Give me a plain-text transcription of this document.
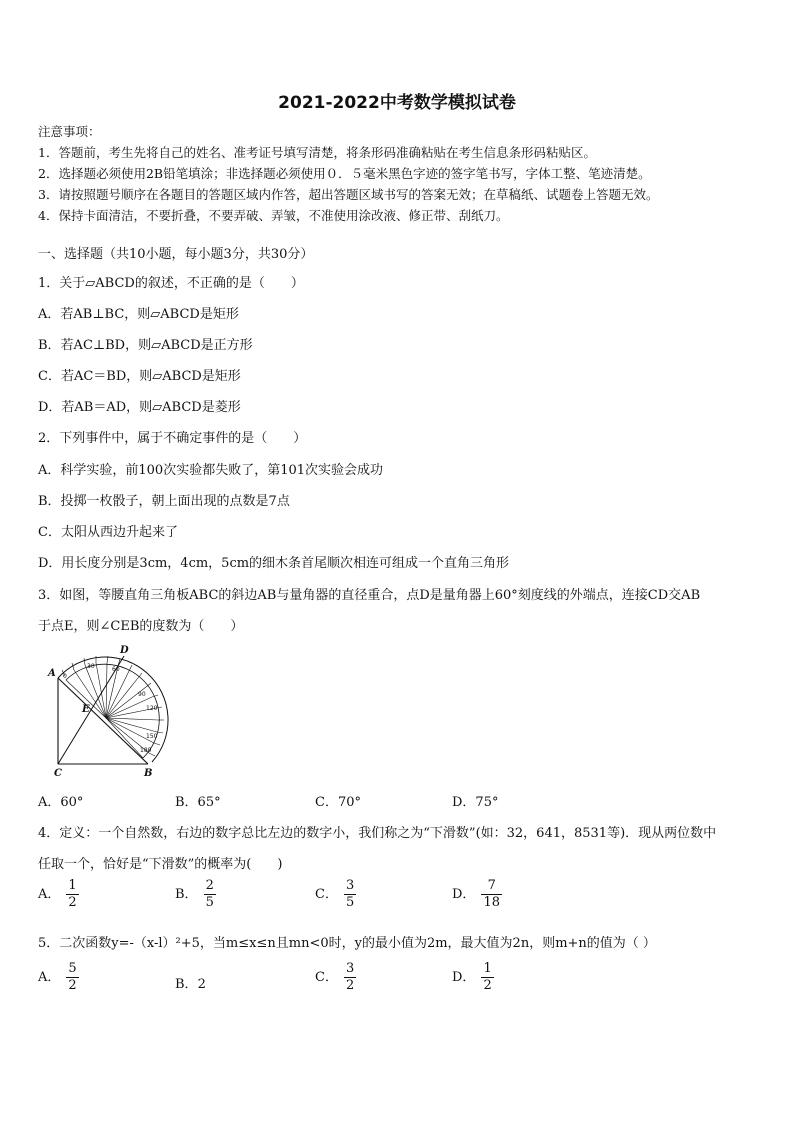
2021-2022中考数学模拟试卷
注意事项：
1．答题前，考生先将自己的姓名、准考证号填写清楚，将条形码准确粘贴在考生信息条形码粘贴区。
2．选择题必须使用2B铅笔填涂；非选择题必须使用０．５毫米黑色字迹的签字笔书写，字体工整、笔迹清楚。
3．请按照题号顺序在各题目的答题区域内作答，超出答题区域书写的答案无效；在草稿纸、试题卷上答题无效。
4．保持卡面清洁，不要折叠，不要弄破、弄皱，不准使用涂改液、修正带、刮纸刀。
一、选择题（共10小题，每小题3分，共30分）
1．关于▱ABCD的叙述，不正确的是（　　）
A．若AB⊥BC，则▱ABCD是矩形
B．若AC⊥BD，则▱ABCD是正方形
C．若AC＝BD，则▱ABCD是矩形
D．若AB＝AD，则▱ABCD是菱形
2．下列事件中，属于不确定事件的是（　　）
A．科学实验，前100次实验都失败了，第101次实验会成功
B．投掷一枚骰子，朝上面出现的点数是7点
C．太阳从西边升起来了
D．用长度分别是3cm，4cm，5cm的细木条首尾顺次相连可组成一个直角三角形
3．如图，等腰直角三角板ABC的斜边AB与量角器的直径重合，点D是量角器上60°刻度线的外端点，连接CD交AB
于点E，则∠CEB的度数为（　　）
0
30	60
90
120
150
180
A
D
E
C	B
A．60°	B．65°	C．70°	D．75°
4．定义：一个自然数，右边的数字总比左边的数字小，我们称之为“下滑数”(如：32，641，8531等)．现从两位数中
任取一个，恰好是“下滑数”的概率为(　　)
A． $\frac{1}{2}$	B． $\frac{2}{5}$	C． $\frac{3}{5}$	D． $\frac{7}{18}$
5．二次函数y=-（x-l）²+5，当m≤x≤n且mn<0时，y的最小值为2m，最大值为2n，则m+n的值为（ ）
A． $\frac{5}{2}$	B．2	C． $\frac{3}{2}$	D． $\frac{1}{2}$
